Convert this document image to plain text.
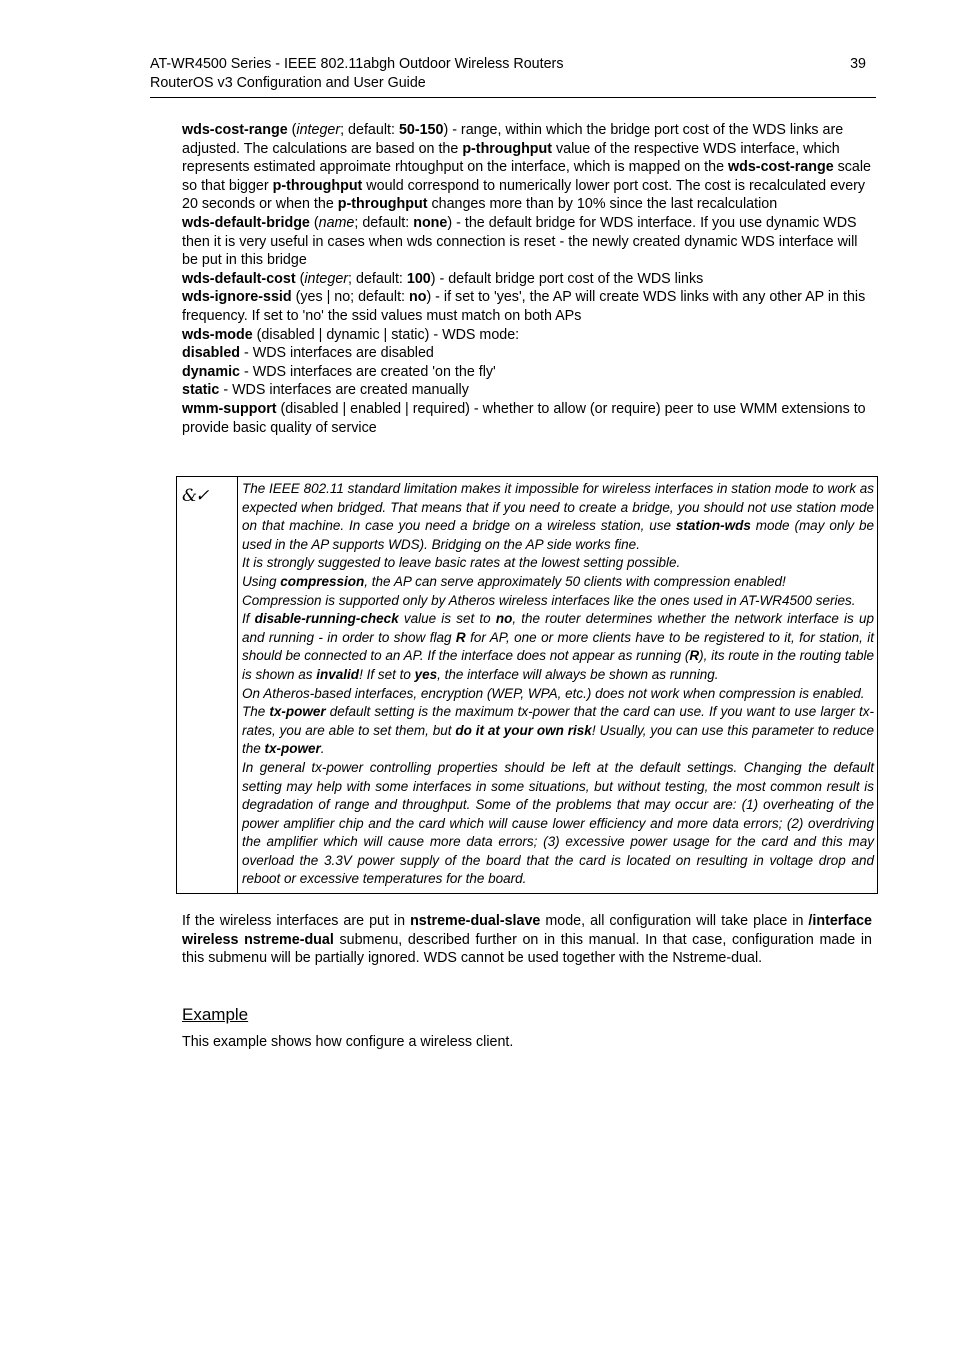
AT-WR4500 Series - IEEE 802.11abgh Outdoor Wireless Routers
RouterOS v3 Configuration and User Guide
39

wds-cost-range (integer; default: 50-150) - range, within which the bridge port cost of the WDS links are adjusted. The calculations are based on the p-throughput value of the respective WDS interface, which represents estimated approimate rhtoughput on the interface, which is mapped on the wds-cost-range scale so that bigger p-throughput would correspond to numerically lower port cost. The cost is recalculated every 20 seconds or when the p-throughput changes more than by 10% since the last recalculation

wds-default-bridge (name; default: none) - the default bridge for WDS interface. If you use dynamic WDS then it is very useful in cases when wds connection is reset - the newly created dynamic WDS interface will be put in this bridge

wds-default-cost (integer; default: 100) - default bridge port cost of the WDS links

wds-ignore-ssid (yes | no; default: no) - if set to 'yes', the AP will create WDS links with any other AP in this frequency. If set to 'no' the ssid values must match on both APs

wds-mode (disabled | dynamic | static) - WDS mode:

disabled - WDS interfaces are disabled

dynamic - WDS interfaces are created 'on the fly'

static - WDS interfaces are created manually

wmm-support (disabled | enabled | required) - whether to allow (or require) peer to use WMM extensions to provide basic quality of service

&✓	The IEEE 802.11 standard limitation makes it impossible for wireless interfaces in station mode to work as expected when bridged. That means that if you need to create a bridge, you should not use station mode on that machine. In case you need a bridge on a wireless station, use station-wds mode (may only be used in the AP supports WDS). Bridging on the AP side works fine.

It is strongly suggested to leave basic rates at the lowest setting possible.

Using compression, the AP can serve approximately 50 clients with compression enabled!

Compression is supported only by Atheros wireless interfaces like the ones used in AT-WR4500 series.

If disable-running-check value is set to no, the router determines whether the network interface is up and running - in order to show flag R for AP, one or more clients have to be registered to it, for station, it should be connected to an AP. If the interface does not appear as running (R), its route in the routing table is shown as invalid! If set to yes, the interface will always be shown as running.

On Atheros-based interfaces, encryption (WEP, WPA, etc.) does not work when compression is enabled.

The tx-power default setting is the maximum tx-power that the card can use. If you want to use larger tx-rates, you are able to set them, but do it at your own risk! Usually, you can use this parameter to reduce the tx-power.

In general tx-power controlling properties should be left at the default settings. Changing the default setting may help with some interfaces in some situations, but without testing, the most common result is degradation of range and throughput. Some of the problems that may occur are: (1) overheating of the power amplifier chip and the card which will cause lower efficiency and more data errors; (2) overdriving the amplifier which will cause more data errors; (3) excessive power usage for the card and this may overload the 3.3V power supply of the board that the card is located on resulting in voltage drop and reboot or excessive temperatures for the board.

If the wireless interfaces are put in nstreme-dual-slave mode, all configuration will take place in /interface wireless nstreme-dual submenu, described further on in this manual. In that case, configuration made in this submenu will be partially ignored. WDS cannot be used together with the Nstreme-dual.

Example

This example shows how configure a wireless client.
